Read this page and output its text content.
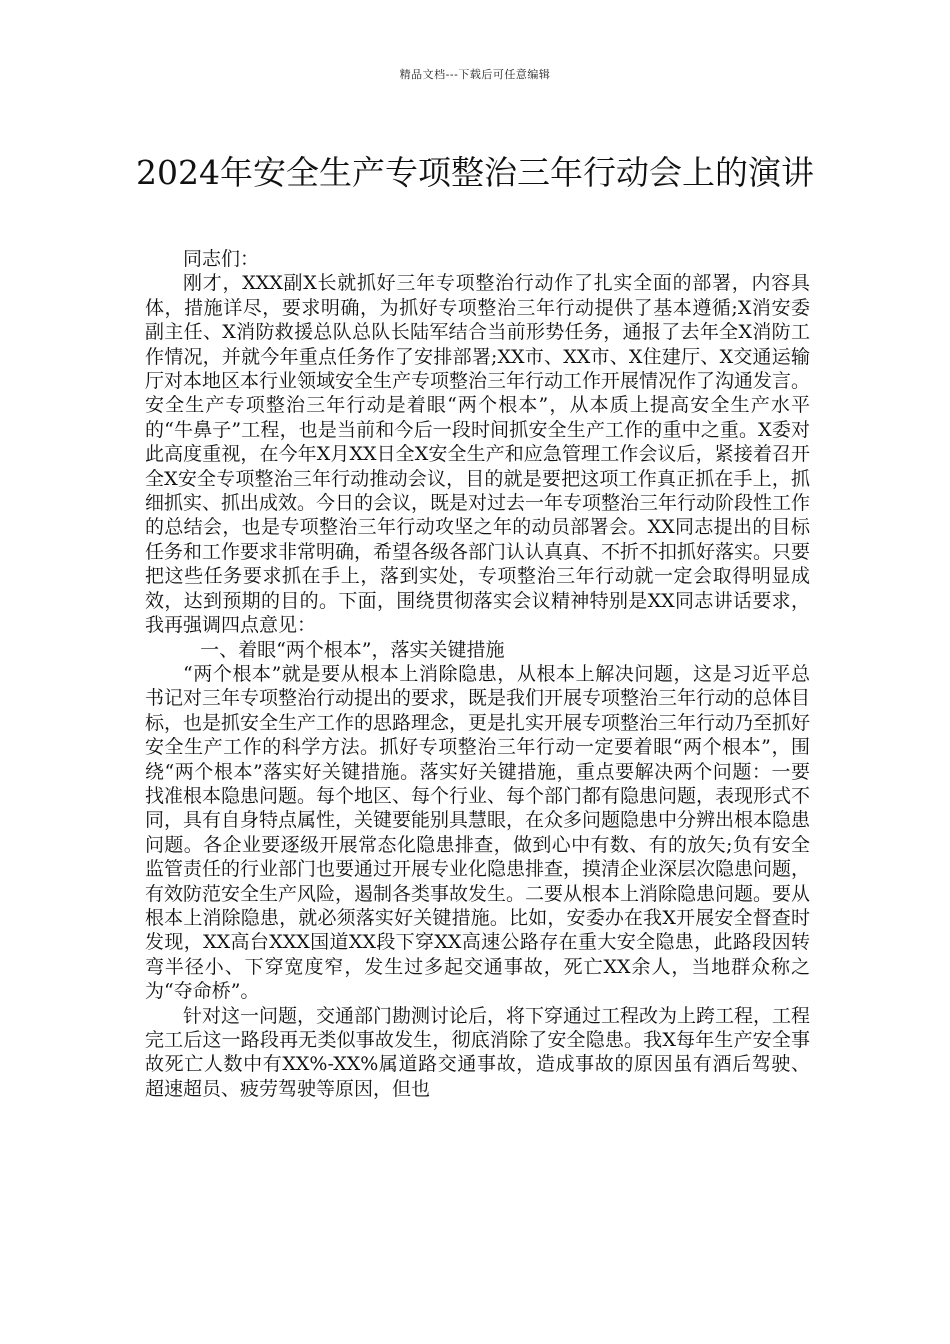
精品文档---下载后可任意编辑
2024年安全生产专项整治三年行动会上的演讲

同志们：

刚才，XXX副X长就抓好三年专项整治行动作了扎实全面的部署，内容具体，措施详尽，要求明确，为抓好专项整治三年行动提供了基本遵循;X消安委副主任、X消防救援总队总队长陆军结合当前形势任务，通报了去年全X消防工作情况，并就今年重点任务作了安排部署;XX市、XX市、X住建厅、X交通运输厅对本地区本行业领域安全生产专项整治三年行动工作开展情况作了沟通发言。安全生产专项整治三年行动是着眼“两个根本”，从本质上提高安全生产水平的“牛鼻子”工程，也是当前和今后一段时间抓安全生产工作的重中之重。X委对此高度重视，在今年X月XX日全X安全生产和应急管理工作会议后，紧接着召开全X安全专项整治三年行动推动会议，目的就是要把这项工作真正抓在手上，抓细抓实、抓出成效。今日的会议，既是对过去一年专项整治三年行动阶段性工作的总结会，也是专项整治三年行动攻坚之年的动员部署会。XX同志提出的目标任务和工作要求非常明确，希望各级各部门认认真真、不折不扣抓好落实。只要把这些任务要求抓在手上，落到实处，专项整治三年行动就一定会取得明显成效，达到预期的目的。下面，围绕贯彻落实会议精神特别是XX同志讲话要求，我再强调四点意见：

一、着眼“两个根本”，落实关键措施

“两个根本”就是要从根本上消除隐患，从根本上解决问题，这是习近平总书记对三年专项整治行动提出的要求，既是我们开展专项整治三年行动的总体目标，也是抓安全生产工作的思路理念，更是扎实开展专项整治三年行动乃至抓好安全生产工作的科学方法。抓好专项整治三年行动一定要着眼“两个根本”，围绕“两个根本”落实好关键措施。落实好关键措施，重点要解决两个问题：一要找准根本隐患问题。每个地区、每个行业、每个部门都有隐患问题，表现形式不同，具有自身特点属性，关键要能别具慧眼，在众多问题隐患中分辨出根本隐患问题。各企业要逐级开展常态化隐患排查，做到心中有数、有的放矢;负有安全监管责任的行业部门也要通过开展专业化隐患排查，摸清企业深层次隐患问题，有效防范安全生产风险，遏制各类事故发生。二要从根本上消除隐患问题。要从根本上消除隐患，就必须落实好关键措施。比如，安委办在我X开展安全督查时发现，XX高台XXX国道XX段下穿XX高速公路存在重大安全隐患，此路段因转弯半径小、下穿宽度窄，发生过多起交通事故，死亡XX余人，当地群众称之为“夺命桥”。

针对这一问题，交通部门勘测讨论后，将下穿通过工程改为上跨工程，工程完工后这一路段再无类似事故发生，彻底消除了安全隐患。我X每年生产安全事故死亡人数中有XX%-XX%属道路交通事故，造成事故的原因虽有酒后驾驶、超速超员、疲劳驾驶等原因，但也
